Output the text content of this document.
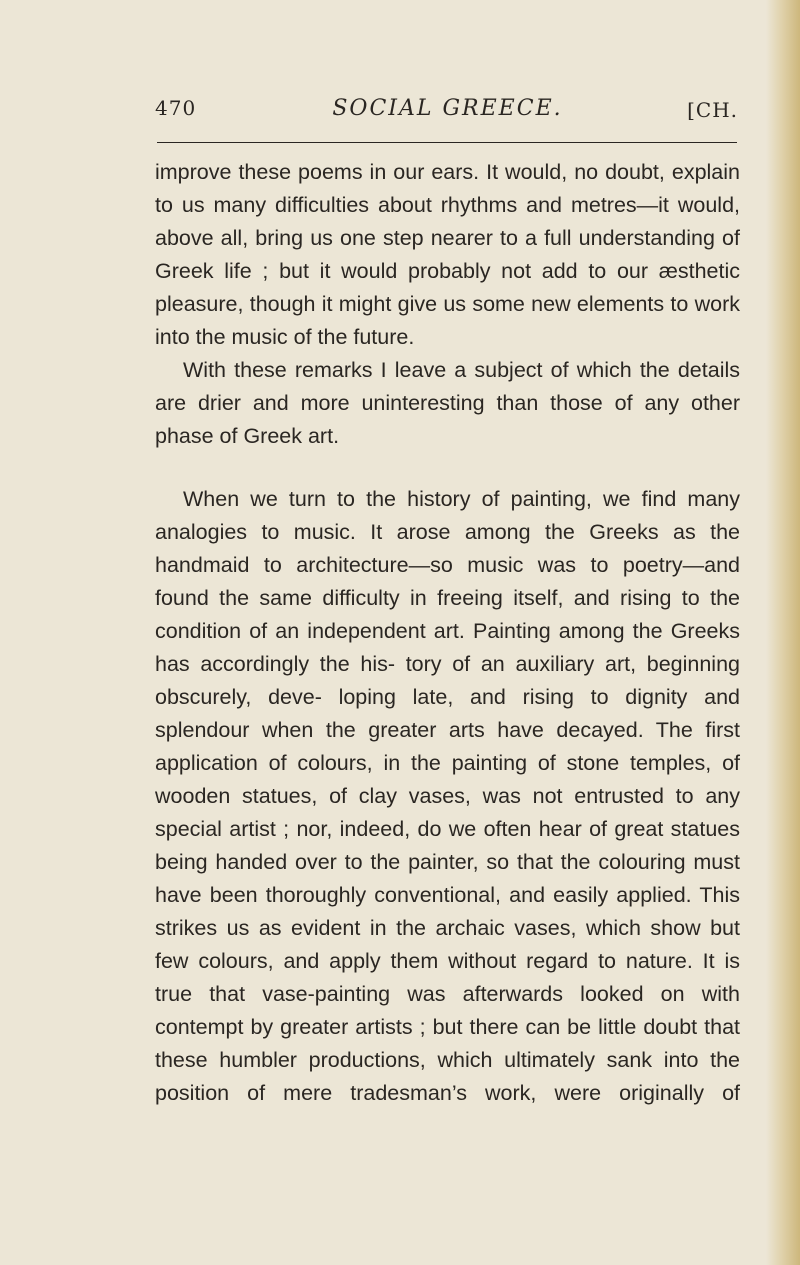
470	SOCIAL GREECE.	[CH.

improve these poems in our ears. It would, no doubt, explain to us many difficulties about rhythms and metres—it would, above all, bring us one step nearer to a full understanding of Greek life ; but it would probably not add to our æsthetic pleasure, though it might give us some new elements to work into the music of the future.

With these remarks I leave a subject of which the details are drier and more uninteresting than those of any other phase of Greek art.

When we turn to the history of painting, we find many analogies to music. It arose among the Greeks as the handmaid to architecture—so music was to poetry—and found the same difficulty in freeing itself, and rising to the condition of an independent art. Painting among the Greeks has accordingly the his- tory of an auxiliary art, beginning obscurely, deve- loping late, and rising to dignity and splendour when the greater arts have decayed. The first application of colours, in the painting of stone temples, of wooden statues, of clay vases, was not entrusted to any special artist ; nor, indeed, do we often hear of great statues being handed over to the painter, so that the colouring must have been thoroughly conventional, and easily applied. This strikes us as evident in the archaic vases, which show but few colours, and apply them without regard to nature. It is true that vase-painting was afterwards looked on with contempt by greater artists ; but there can be little doubt that these humbler productions, which ultimately sank into the position of mere tradesman’s work, were originally of
